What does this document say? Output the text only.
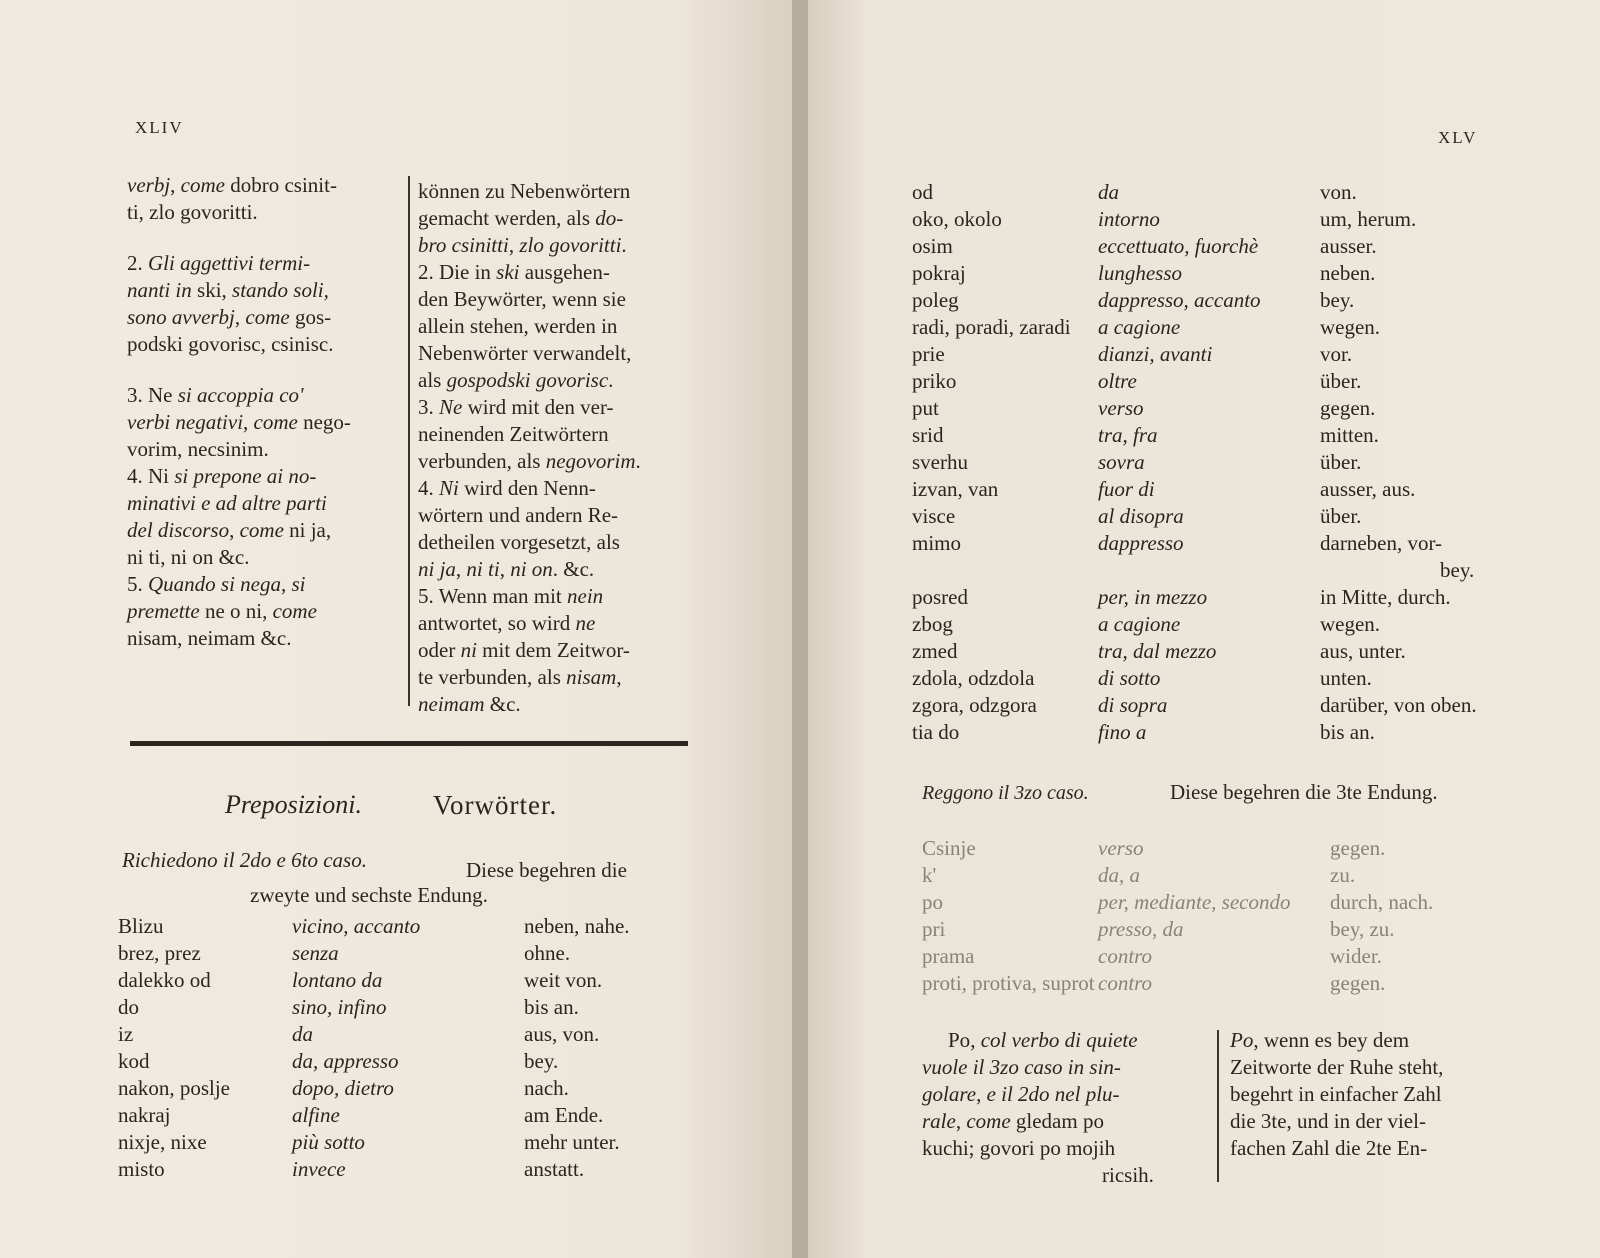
XLIV

verbj, come dobro csinit-
ti, zlo govoritti.

2. Gli aggettivi termi-
nanti in ski, stando soli,
sono avverbj, come gos-
podski govorisc, csinisc.

3. Ne si accoppia co'
verbi negativi, come nego-
vorim, necsinim.

4. Ni si prepone ai no-
minativi e ad altre parti
del discorso, come ni ja,
ni ti, ni on &c.

5. Quando si nega, si
premette ne o ni, come
nisam, neimam &c.

können zu Nebenwörtern
gemacht werden, als do-
bro csinitti, zlo govoritti.

2. Die in ski ausgehen-
den Beywörter, wenn sie
allein stehen, werden in
Nebenwörter verwandelt,
als gospodski govorisc.

3. Ne wird mit den ver-
neinenden Zeitwörtern
verbunden, als negovorim.

4. Ni wird den Nenn-
wörtern und andern Re-
detheilen vorgesetzt, als
ni ja, ni ti, ni on. &c.

5. Wenn man mit nein
antwortet, so wird ne
oder ni mit dem Zeitwor-
te verbunden, als nisam,
neimam &c.

Preposizioni.	Vorwörter.
Richiedono il 2do e 6to caso.	Diese begehren die
zweyte und sechste Endung.
Blizu	vicino, accanto	neben, nahe.
brez, prez	senza	ohne.
dalekko od	lontano da	weit von.
do	sino, infino	bis an.
iz	da	aus, von.
kod	da, appresso	bey.
nakon, poslje	dopo, dietro	nach.
nakraj	alfine	am Ende.
nixje, nixe	più sotto	mehr unter.
misto	invece	anstatt.
XLV
od	da	von.
oko, okolo	intorno	um, herum.
osim	eccettuato, fuorchè	ausser.
pokraj	lunghesso	neben.
poleg	dappresso, accanto	bey.
radi, poradi, zaradi	a cagione	wegen.
prie	dianzi, avanti	vor.
priko	oltre	über.
put	verso	gegen.
srid	tra, fra	mitten.
sverhu	sovra	über.
izvan, van	fuor di	ausser, aus.
visce	al disopra	über.
mimo	dappresso	darneben, vor-
		bey.
posred	per, in mezzo	in Mitte, durch.
zbog	a cagione	wegen.
zmed	tra, dal mezzo	aus, unter.
zdola, odzdola	di sotto	unten.
zgora, odzgora	di sopra	darüber, von oben.
tia do	fino a	bis an.
Reggono il 3zo caso.	Diese begehren die 3te Endung.
Csinje	verso	gegen.
k'	da, a	zu.
po	per, mediante, secondo	durch, nach.
pri	presso, da	bey, zu.
prama	contro	wider.
proti, protiva, suprot	contro	gegen.
Po, col verbo di quiete
vuole il 3zo caso in sin-
golare, e il 2do nel plu-
rale, come gledam po
kuchi; govori po mojih
ricsih.
Po, wenn es bey dem
Zeitworte der Ruhe steht,
begehrt in einfacher Zahl
die 3te, und in der viel-
fachen Zahl die 2te En-
